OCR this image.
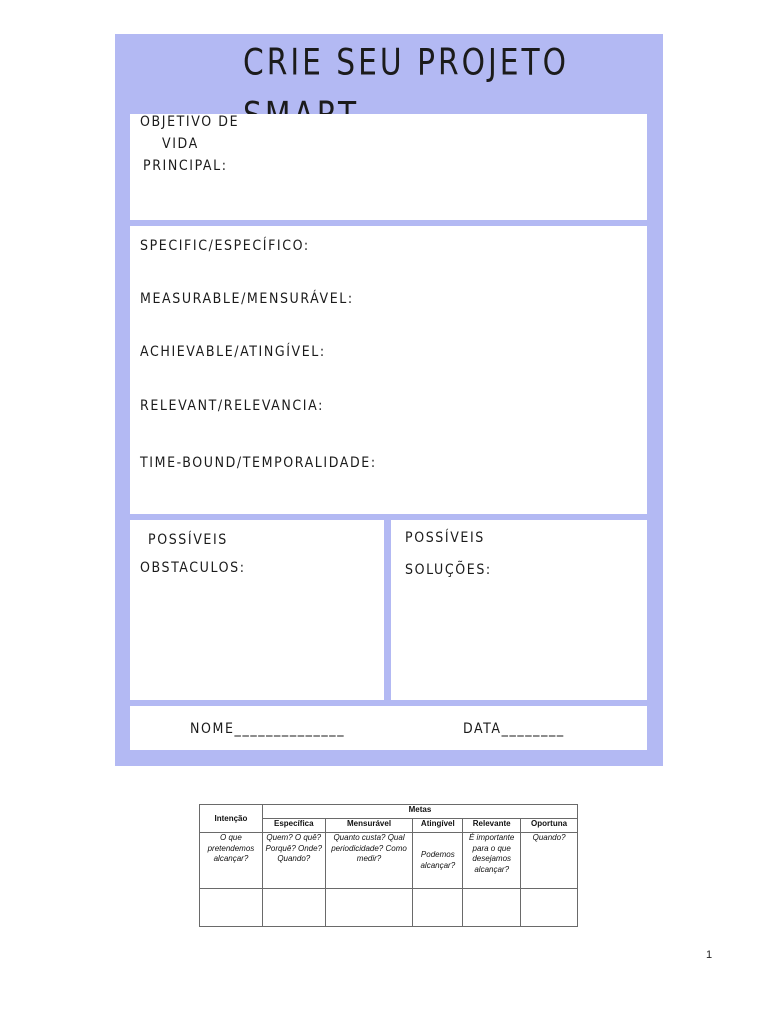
CRIE SEU PROJETO
OBJETIVO DE
VIDA
PRINCIPAL:
SPECIFIC/ESPECÍFICO:
MEASURABLE/MENSURÁVEL:
ACHIEVABLE/ATINGÍVEL:
RELEVANT/RELEVANCIA:
TIME-BOUND/TEMPORALIDADE:
POSSÍVEIS
OBSTACULOS:
POSSÍVEIS
SOLUÇÕES:
NOME______________	DATA________
Intenção	Metas				
	Específica	Mensurável	Atingível	Relevante	Oportuna
O que pretendemos alcançar?	Quem? O quê? Porquê? Onde? Quando?	Quanto custa? Qual periodicidade? Como medir?	Podemos alcançar?	É importante para o que desejamos alcançar?	Quando?

1
